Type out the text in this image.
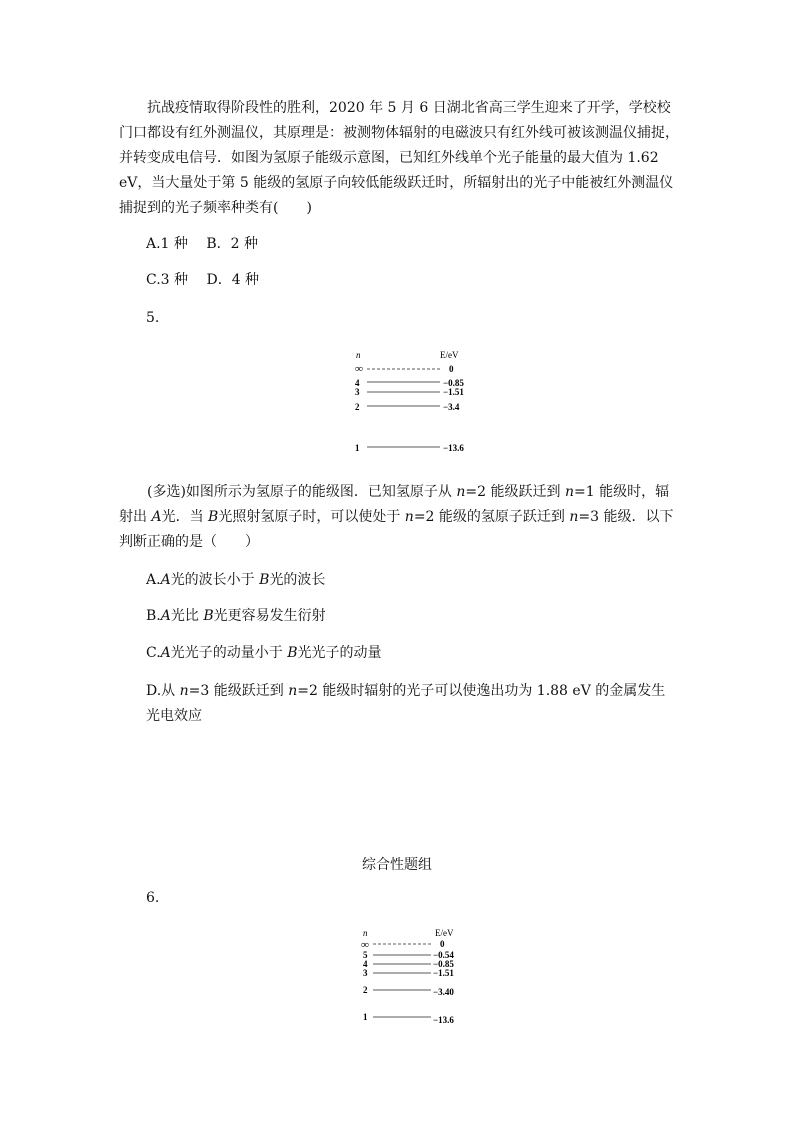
抗战疫情取得阶段性的胜利，2020 年 5 月 6 日湖北省高三学生迎来了开学，学校校门口都设有红外测温仪，其原理是：被测物体辐射的电磁波只有红外线可被该测温仪捕捉，并转变成电信号．如图为氢原子能级示意图，已知红外线单个光子能量的最大值为 1.62 eV，当大量处于第 5 能级的氢原子向较低能级跃迁时，所辐射出的光子中能被红外测温仪捕捉到的光子频率种类有(　　)

A.1 种　 B．2 种
C.3 种　 D．4 种
5.
n	E/eV
∞	0
4	−0.85
3	−1.51
2	−3.4
1	−13.6

(多选)如图所示为氢原子的能级图．已知氢原子从 n=2 能级跃迁到 n=1 能级时，辐射出 A光．当 B光照射氢原子时，可以使处于 n=2 能级的氢原子跃迁到 n=3 能级．以下判断正确的是（　　）

A.A光的波长小于 B光的波长
B.A光比 B光更容易发生衍射
C.A光光子的动量小于 B光光子的动量

D.从 n=3 能级跃迁到 n=2 能级时辐射的光子可以使逸出功为 1.88 eV 的金属发生光电效应

综合性题组
6.
n	E/eV
∞	0
5	−0.54
4	−0.85
3	−1.51
2	−3.40
1	−13.6
